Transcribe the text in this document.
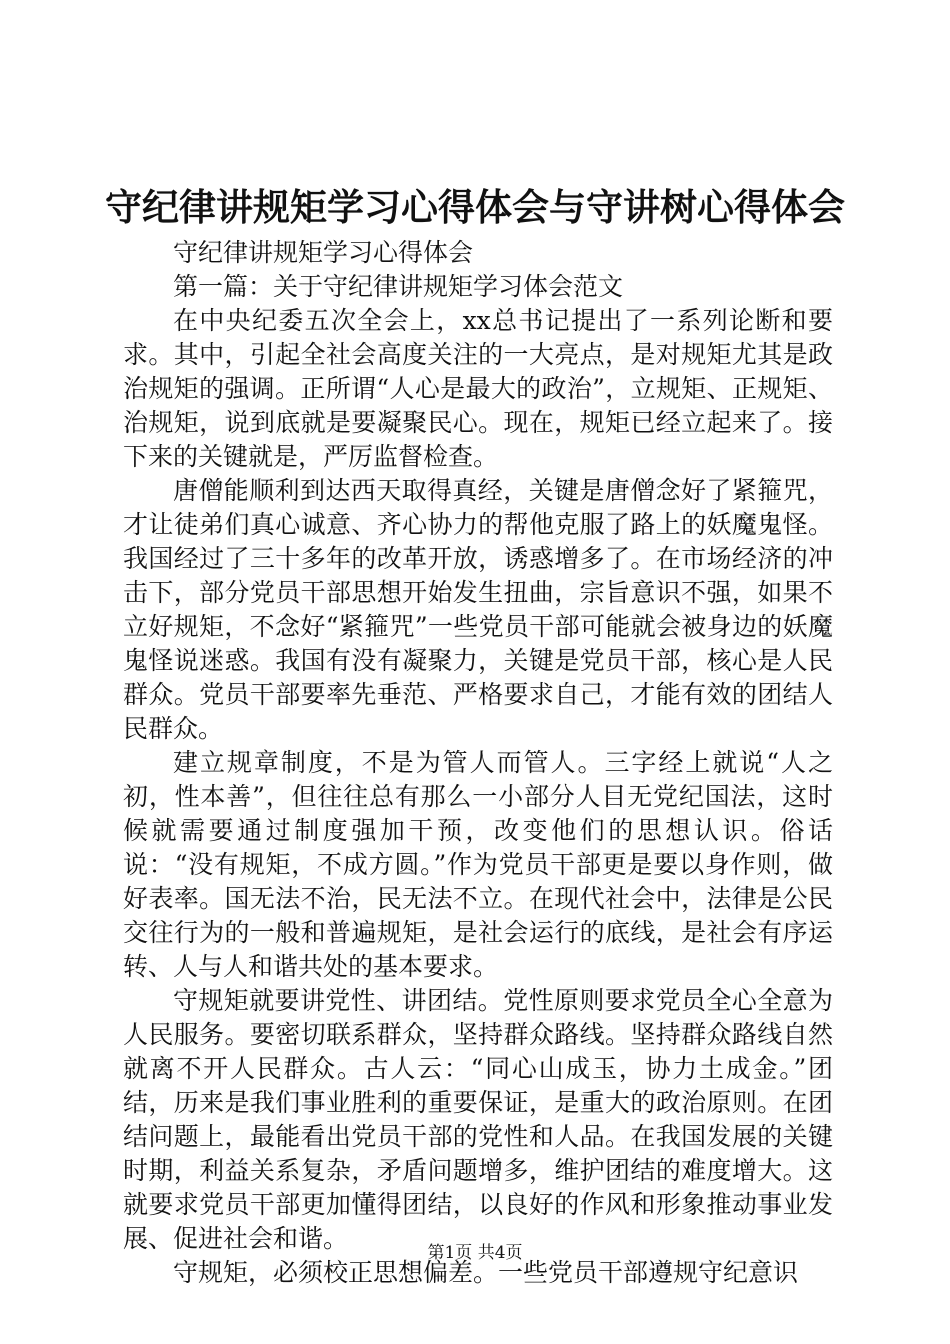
守纪律讲规矩学习心得体会与守讲树心得体会

守纪律讲规矩学习心得体会

第一篇：关于守纪律讲规矩学习体会范文

在中央纪委五次全会上，xx总书记提出了一系列论断和要求。其中，引起全社会高度关注的一大亮点，是对规矩尤其是政治规矩的强调。正所谓“人心是最大的政治”，立规矩、正规矩、治规矩，说到底就是要凝聚民心。现在，规矩已经立起来了。接下来的关键就是，严厉监督检查。

唐僧能顺利到达西天取得真经，关键是唐僧念好了紧箍咒，才让徒弟们真心诚意、齐心协力的帮他克服了路上的妖魔鬼怪。我国经过了三十多年的改革开放，诱惑增多了。在市场经济的冲击下，部分党员干部思想开始发生扭曲，宗旨意识不强，如果不立好规矩，不念好“紧箍咒”一些党员干部可能就会被身边的妖魔鬼怪说迷惑。我国有没有凝聚力，关键是党员干部，核心是人民群众。党员干部要率先垂范、严格要求自己，才能有效的团结人民群众。

建立规章制度，不是为管人而管人。三字经上就说“人之初，性本善”，但往往总有那么一小部分人目无党纪国法，这时候就需要通过制度强加干预，改变他们的思想认识。俗话说：“没有规矩，不成方圆。”作为党员干部更是要以身作则，做好表率。国无法不治，民无法不立。在现代社会中，法律是公民交往行为的一般和普遍规矩，是社会运行的底线，是社会有序运转、人与人和谐共处的基本要求。

守规矩就要讲党性、讲团结。党性原则要求党员全心全意为人民服务。要密切联系群众，坚持群众路线。坚持群众路线自然就离不开人民群众。古人云：“同心山成玉，协力土成金。”团结，历来是我们事业胜利的重要保证，是重大的政治原则。在团结问题上，最能看出党员干部的党性和人品。在我国发展的关键时期，利益关系复杂，矛盾问题增多，维护团结的难度增大。这就要求党员干部更加懂得团结，以良好的作风和形象推动事业发展、促进社会和谐。

守规矩，必须校正思想偏差。一些党员干部遵规守纪意识

第1页 共4页
